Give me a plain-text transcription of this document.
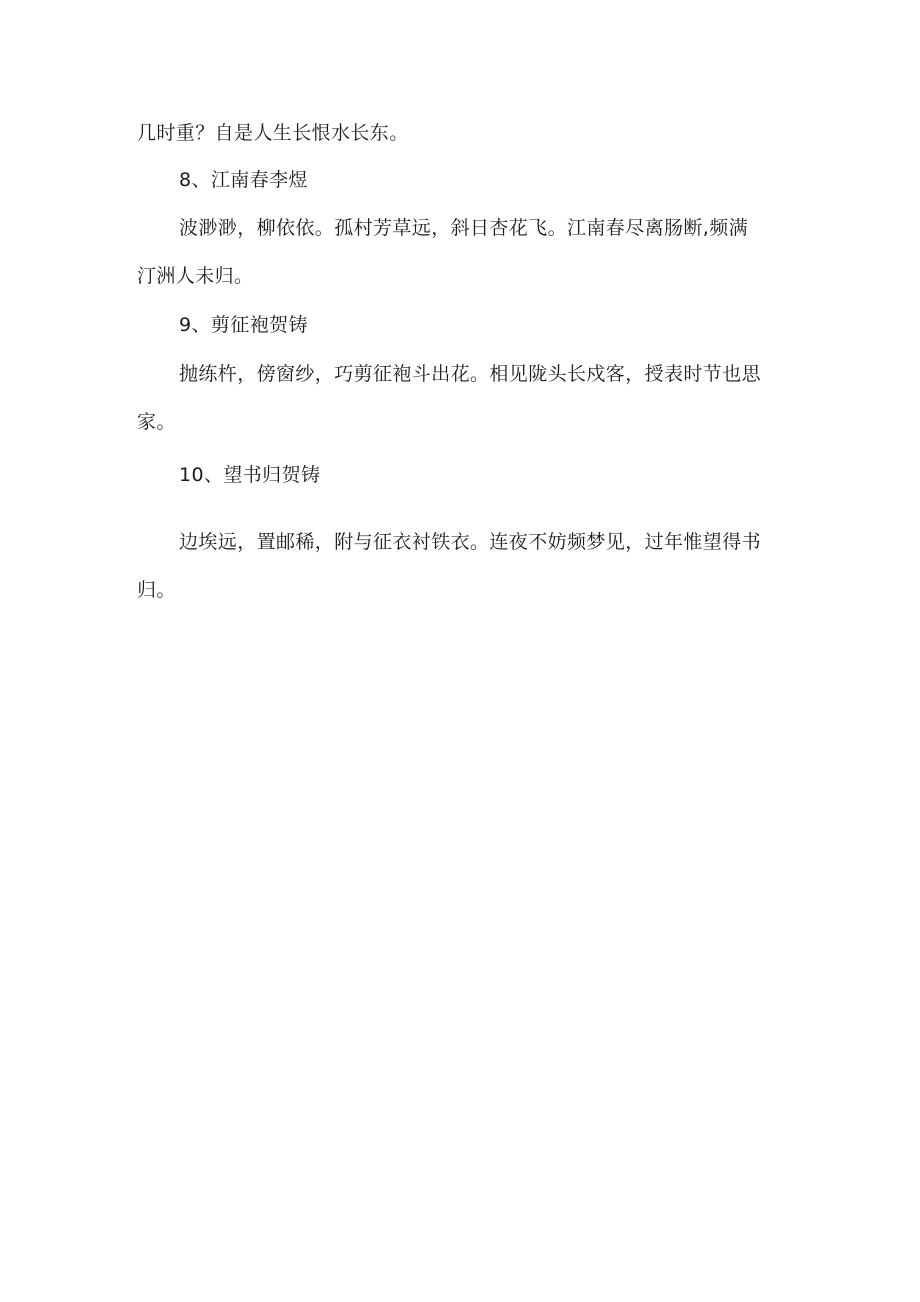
几时重？自是人生长恨水长东。
8、江南春李煜
波渺渺，柳依依。孤村芳草远，斜日杏花飞。江南春尽离肠断,频满
汀洲人未归。
9、剪征袍贺铸
抛练杵，傍窗纱，巧剪征袍斗出花。相见陇头长戍客，授表时节也思
家。
10、望书归贺铸
边埃远，置邮稀，附与征衣衬铁衣。连夜不妨频梦见，过年惟望得书
归。
